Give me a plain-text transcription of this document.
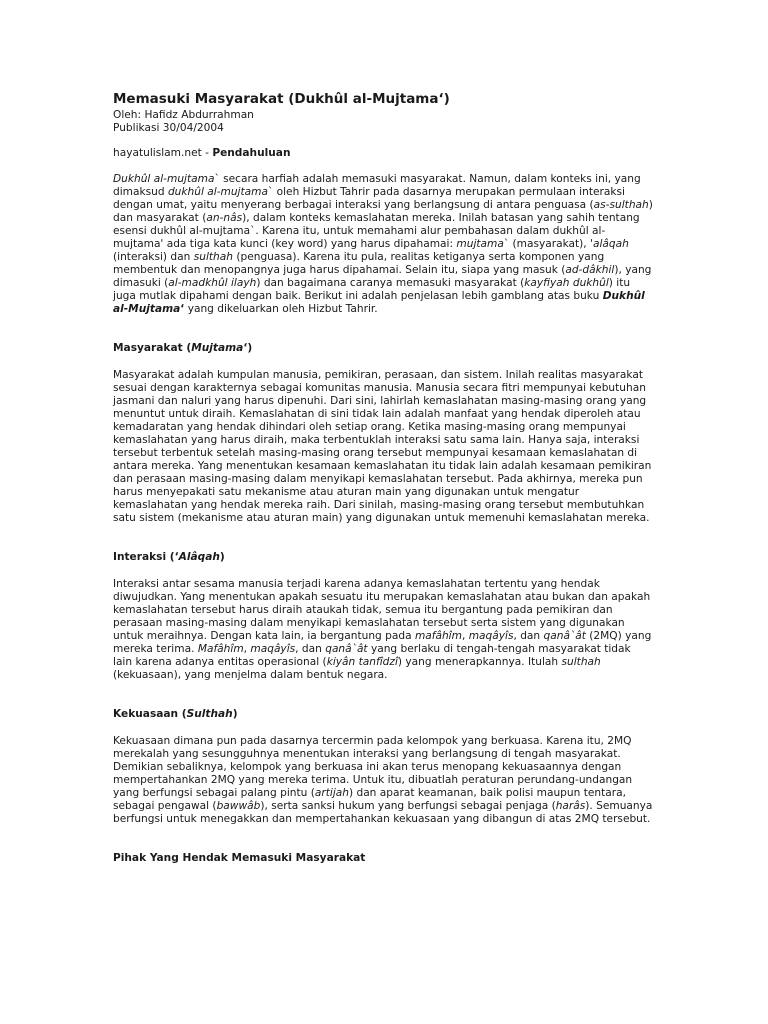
Memasuki Masyarakat (Dukhûl al-Mujtama‘)

Oleh: Hafidz Abdurrahman

Publikasi 30/04/2004

hayatulislam.net - Pendahuluan

Dukhûl al-mujtama` secara harfiah adalah memasuki masyarakat. Namun, dalam konteks ini, yang dimaksud dukhûl al-mujtama` oleh Hizbut Tahrir pada dasarnya merupakan permulaan interaksi dengan umat, yaitu menyerang berbagai interaksi yang berlangsung di antara penguasa (as-sulthah) dan masyarakat (an-nâs), dalam konteks kemaslahatan mereka. Inilah batasan yang sahih tentang esensi dukhûl al-mujtama`. Karena itu, untuk memahami alur pembahasan dalam dukhûl al-mujtama' ada tiga kata kunci (key word) yang harus dipahamai: mujtama` (masyarakat), 'alâqah (interaksi) dan sulthah (penguasa). Karena itu pula, realitas ketiganya serta komponen yang membentuk dan menopangnya juga harus dipahamai. Selain itu, siapa yang masuk (ad-dâkhil), yang dimasuki (al-madkhûl ilayh) dan bagaimana caranya memasuki masyarakat (kayfiyah dukhûl) itu juga mutlak dipahami dengan baik. Berikut ini adalah penjelasan lebih gamblang atas buku Dukhûl al-Mujtama‘ yang dikeluarkan oleh Hizbut Tahrir.

Masyarakat (Mujtama‘)

Masyarakat adalah kumpulan manusia, pemikiran, perasaan, dan sistem. Inilah realitas masyarakat sesuai dengan karakternya sebagai komunitas manusia. Manusia secara fitri mempunyai kebutuhan jasmani dan naluri yang harus dipenuhi. Dari sini, lahirlah kemaslahatan masing-masing orang yang menuntut untuk diraih. Kemaslahatan di sini tidak lain adalah manfaat yang hendak diperoleh atau kemadaratan yang hendak dihindari oleh setiap orang. Ketika masing-masing orang mempunyai kemaslahatan yang harus diraih, maka terbentuklah interaksi satu sama lain. Hanya saja, interaksi tersebut terbentuk setelah masing-masing orang tersebut mempunyai kesamaan kemaslahatan di antara mereka. Yang menentukan kesamaan kemaslahatan itu tidak lain adalah kesamaan pemikiran dan perasaan masing-masing dalam menyikapi kemaslahatan tersebut. Pada akhirnya, mereka pun harus menyepakati satu mekanisme atau aturan main yang digunakan untuk mengatur kemaslahatan yang hendak mereka raih. Dari sinilah, masing-masing orang tersebut membutuhkan satu sistem (mekanisme atau aturan main) yang digunakan untuk memenuhi kemaslahatan mereka.

Interaksi (‘Alâqah)

Interaksi antar sesama manusia terjadi karena adanya kemaslahatan tertentu yang hendak diwujudkan. Yang menentukan apakah sesuatu itu merupakan kemaslahatan atau bukan dan apakah kemaslahatan tersebut harus diraih ataukah tidak, semua itu bergantung pada pemikiran dan perasaan masing-masing dalam menyikapi kemaslahatan tersebut serta sistem yang digunakan untuk meraihnya. Dengan kata lain, ia bergantung pada mafâhîm, maqâyîs, dan qanâ`ât (2MQ) yang mereka terima. Mafâhîm, maqâyîs, dan qanâ`ât yang berlaku di tengah-tengah masyarakat tidak lain karena adanya entitas operasional (kiyân tanfîdzî) yang menerapkannya. Itulah sulthah (kekuasaan), yang menjelma dalam bentuk negara.

Kekuasaan (Sulthah)

Kekuasaan dimana pun pada dasarnya tercermin pada kelompok yang berkuasa. Karena itu, 2MQ merekalah yang sesungguhnya menentukan interaksi yang berlangsung di tengah masyarakat. Demikian sebaliknya, kelompok yang berkuasa ini akan terus menopang kekuasaannya dengan mempertahankan 2MQ yang mereka terima. Untuk itu, dibuatlah peraturan perundang-undangan yang berfungsi sebagai palang pintu (artijah) dan aparat keamanan, baik polisi maupun tentara, sebagai pengawal (bawwâb), serta sanksi hukum yang berfungsi sebagai penjaga (harâs). Semuanya berfungsi untuk menegakkan dan mempertahankan kekuasaan yang dibangun di atas 2MQ tersebut.

Pihak Yang Hendak Memasuki Masyarakat
